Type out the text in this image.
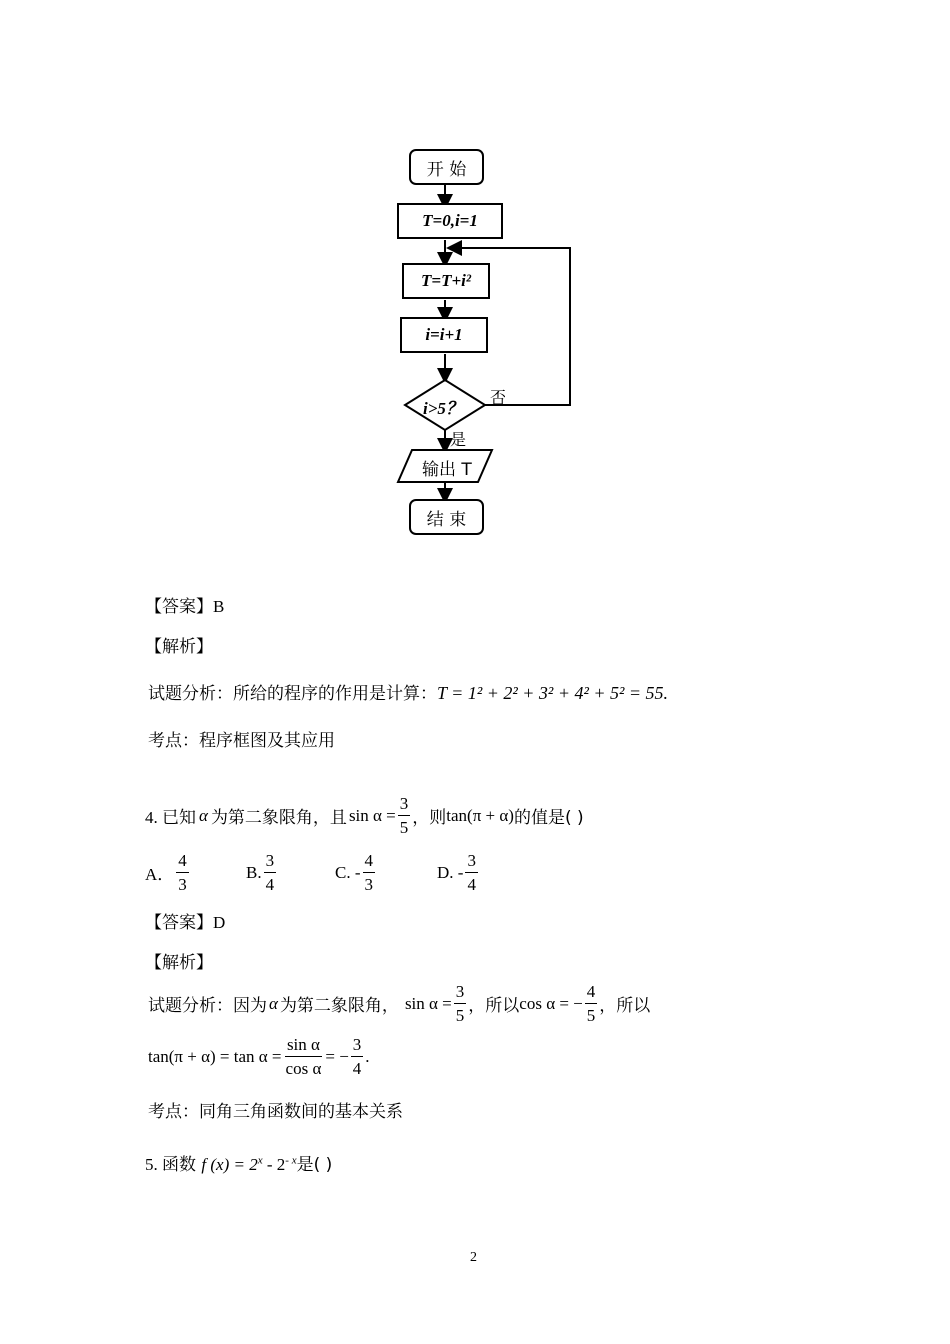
开 始
T=0,i=1
T=T+i²
i=i+1
i>5？
否
是
输出 T
结 束
【答案】B
【解析】
试题分析：所给的程序的作用是计算：T = 1² + 2² + 3² + 4² + 5² = 55.
考点：程序框图及其应用
4. 已知 α 为第二象限角，且 $\sin \alpha = \frac{3}{5}$ ，则 tan(π + α) 的值是( )
A． $\frac{4}{3}$	B. $\frac{3}{4}$	C. - $\frac{4}{3}$	D. - $\frac{3}{4}$
【答案】D
【解析】
试题分析：因为 α 为第二象限角， $\sin \alpha = \frac{3}{5}$ ，所以 cos α = − $\frac{4}{5}$ ，所以
$\tan(\pi + \alpha) = \tan \alpha = \frac{\text{sin α}}{\text{cos α}}$ = − $\frac{3}{4}$ .
考点：同角三角函数间的基本关系
5. 函数 f $(x) = 2^x - 2^{- x}$是( )
2
